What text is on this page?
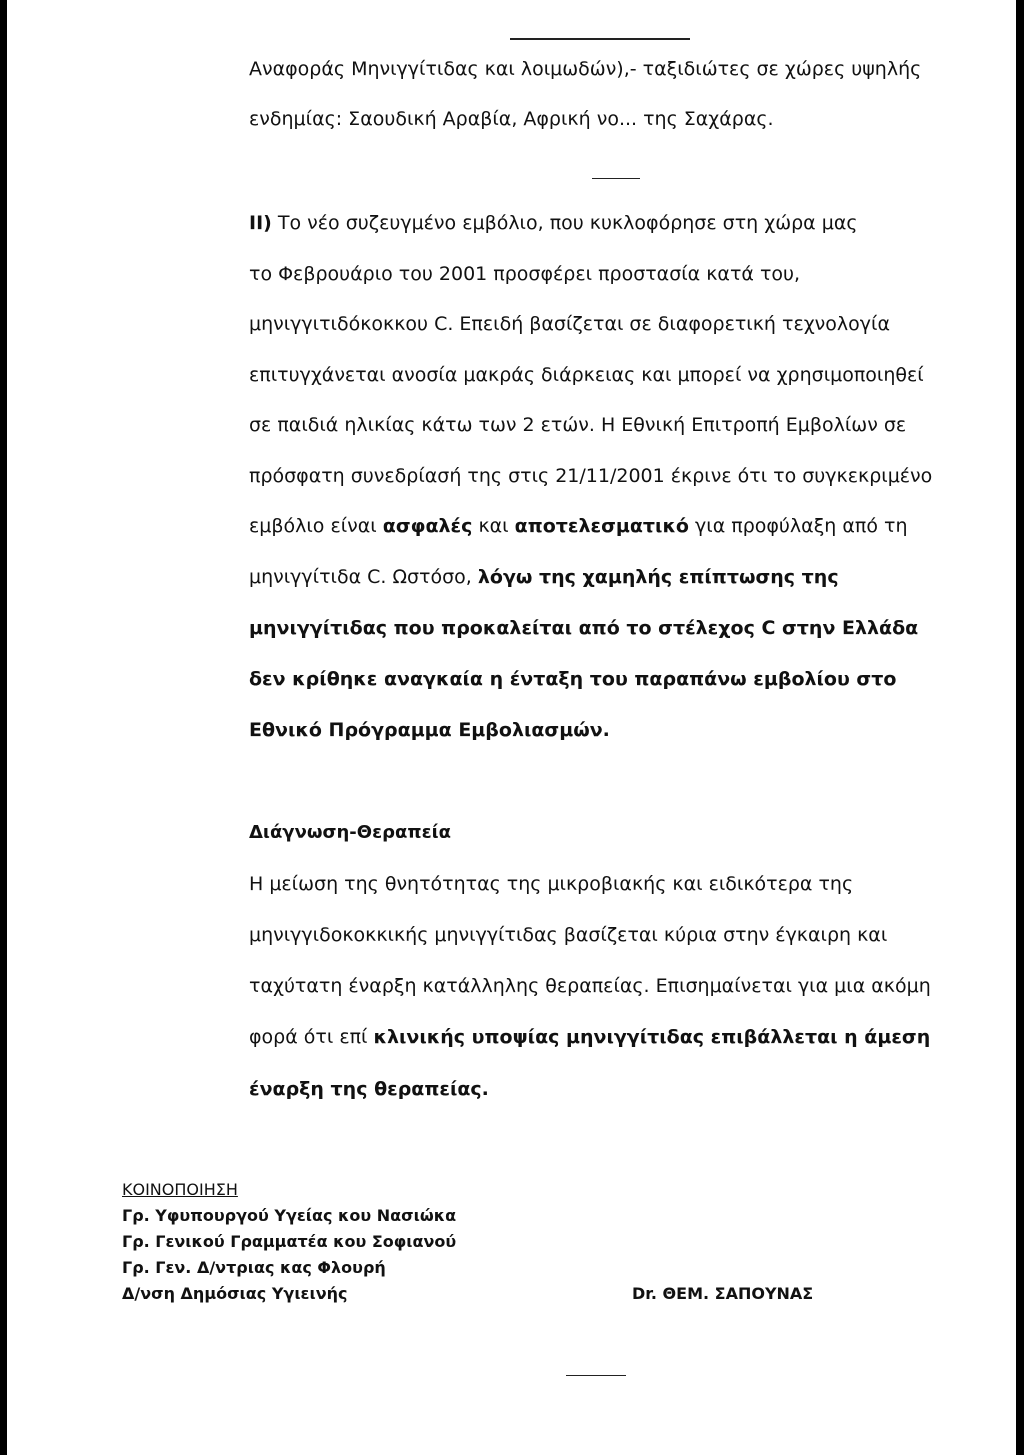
Αναφοράς Μηνιγγίτιδας και λοιμωδών),- ταξιδιώτες σε χώρες υψηλής
ενδημίας: Σαουδική Αραβία, Αφρική νο... της Σαχάρας.
ΙΙ) Το νέο συζευγμένο εμβόλιο, που κυκλοφόρησε στη χώρα μας
το Φεβρουάριο του 2001 προσφέρει προστασία κατά του,
μηνιγγιτιδόκοκκου C. Επειδή βασίζεται σε διαφορετική τεχνολογία
επιτυγχάνεται ανοσία μακράς διάρκειας και μπορεί να χρησιμοποιηθεί
σε παιδιά ηλικίας κάτω των 2 ετών. Η Εθνική Επιτροπή Εμβολίων σε
πρόσφατη συνεδρίασή της στις 21/11/2001 έκρινε ότι το συγκεκριμένο
εμβόλιο είναι ασφαλές και αποτελεσματικό για προφύλαξη από τη
μηνιγγίτιδα C. Ωστόσο, λόγω της χαμηλής επίπτωσης της
μηνιγγίτιδας που προκαλείται από το στέλεχος C στην Ελλάδα
δεν κρίθηκε αναγκαία η ένταξη του παραπάνω εμβολίου στο
Εθνικό Πρόγραμμα Εμβολιασμών.
Διάγνωση-Θεραπεία
Η μείωση της θνητότητας της μικροβιακής και ειδικότερα της
μηνιγγιδοκοκκικής μηνιγγίτιδας βασίζεται κύρια στην έγκαιρη και
ταχύτατη έναρξη κατάλληλης θεραπείας. Επισημαίνεται για μια ακόμη
φορά ότι επί κλινικής υποψίας μηνιγγίτιδας επιβάλλεται η άμεση
έναρξη της θεραπείας.
ΚΟΙΝΟΠΟΙΗΣΗ
Γρ. Υφυπουργού Υγείας κου Νασιώκα
Γρ. Γενικού Γραμματέα κου Σοφιανού
Γρ. Γεν. Δ/ντριας κας Φλουρή
Δ/νση Δημόσιας Υγιεινής	Dr. ΘΕΜ. ΣΑΠΟΥΝΑΣ
